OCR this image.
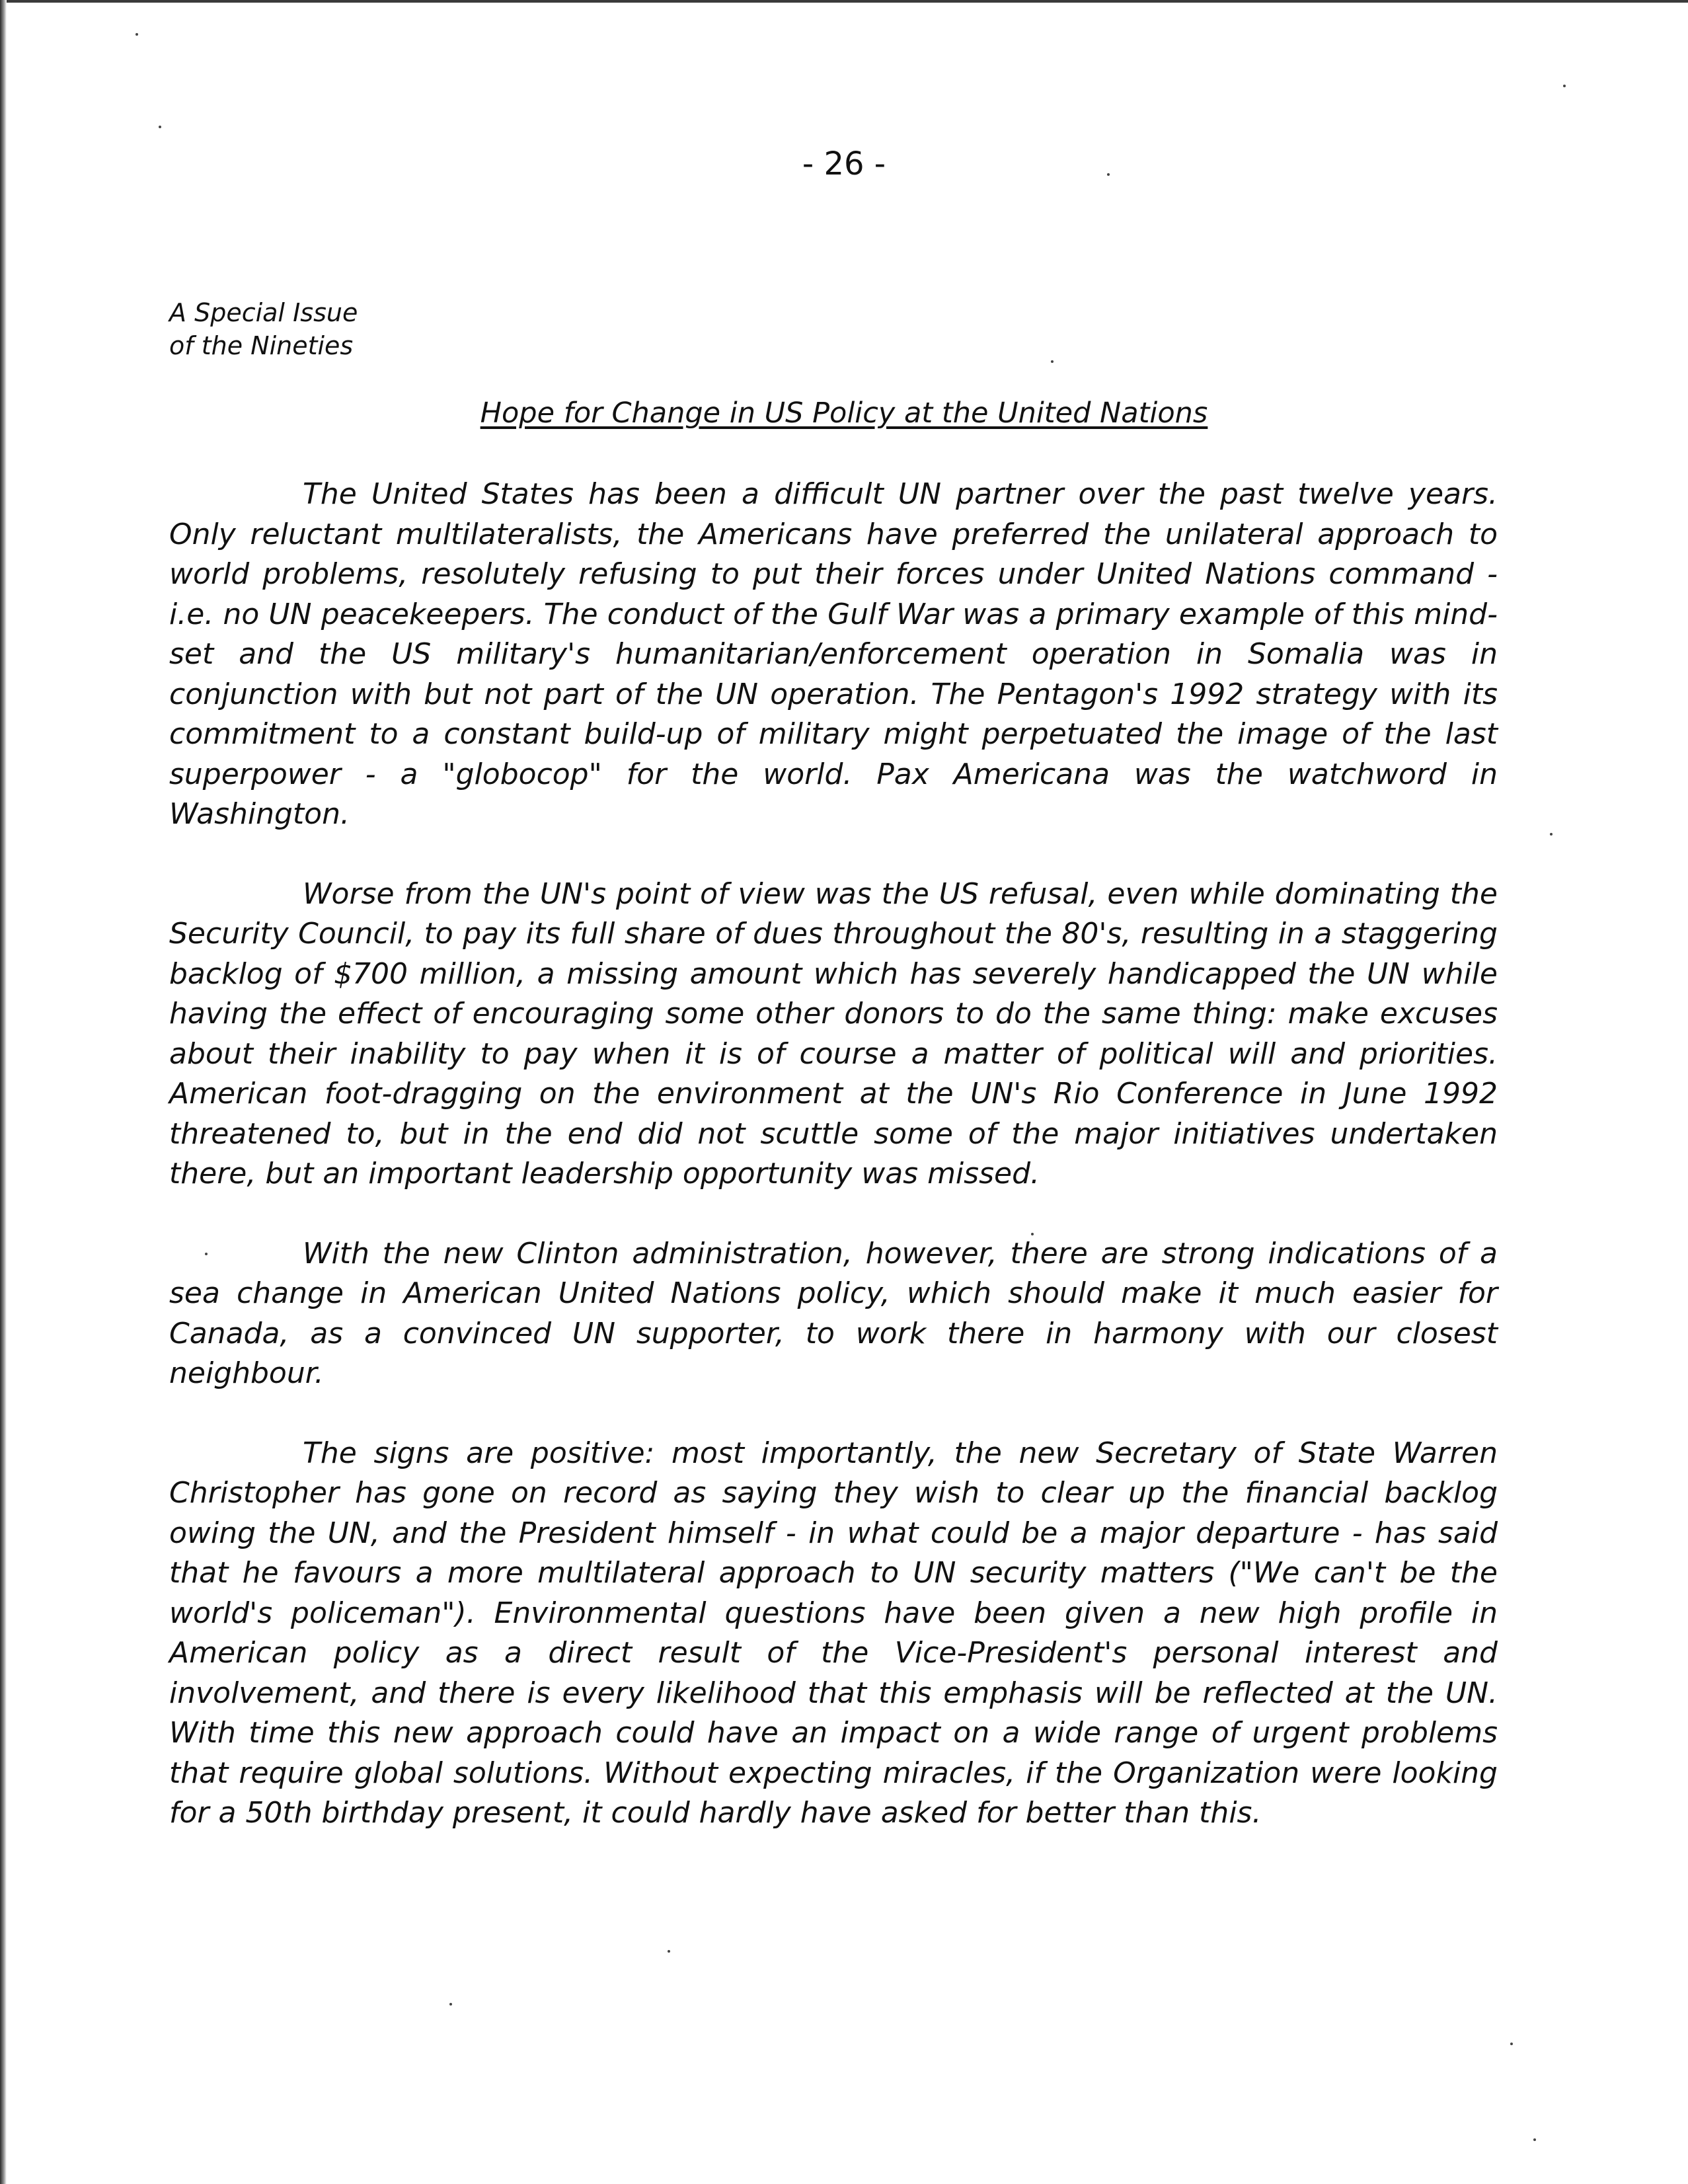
- 26 -
A Special Issue
of the Nineties
Hope for Change in US Policy at the United Nations

The United States has been a difficult UN partner over the past twelve years. Only reluctant multilateralists, the Americans have preferred the unilateral approach to world problems, resolutely refusing to put their forces under United Nations command - i.e. no UN peacekeepers. The conduct of the Gulf War was a primary example of this mind-set and the US military's humanitarian/enforcement operation in Somalia was in conjunction with but not part of the UN operation. The Pentagon's 1992 strategy with its commitment to a constant build-up of military might perpetuated the image of the last superpower - a "globocop" for the world. Pax Americana was the watchword in Washington.

Worse from the UN's point of view was the US refusal, even while dominating the Security Council, to pay its full share of dues throughout the 80's, resulting in a staggering backlog of $700 million, a missing amount which has severely handicapped the UN while having the effect of encouraging some other donors to do the same thing: make excuses about their inability to pay when it is of course a matter of political will and priorities. American foot-dragging on the environment at the UN's Rio Conference in June 1992 threatened to, but in the end did not scuttle some of the major initiatives undertaken there, but an important leadership opportunity was missed.

With the new Clinton administration, however, there are strong indications of a sea change in American United Nations policy, which should make it much easier for Canada, as a convinced UN supporter, to work there in harmony with our closest neighbour.

The signs are positive: most importantly, the new Secretary of State Warren Christopher has gone on record as saying they wish to clear up the financial backlog owing the UN, and the President himself - in what could be a major departure - has said that he favours a more multilateral approach to UN security matters ("We can't be the world's policeman"). Environmental questions have been given a new high profile in American policy as a direct result of the Vice-President's personal interest and involvement, and there is every likelihood that this emphasis will be reflected at the UN. With time this new approach could have an impact on a wide range of urgent problems that require global solutions. Without expecting miracles, if the Organization were looking for a 50th birthday present, it could hardly have asked for better than this.
